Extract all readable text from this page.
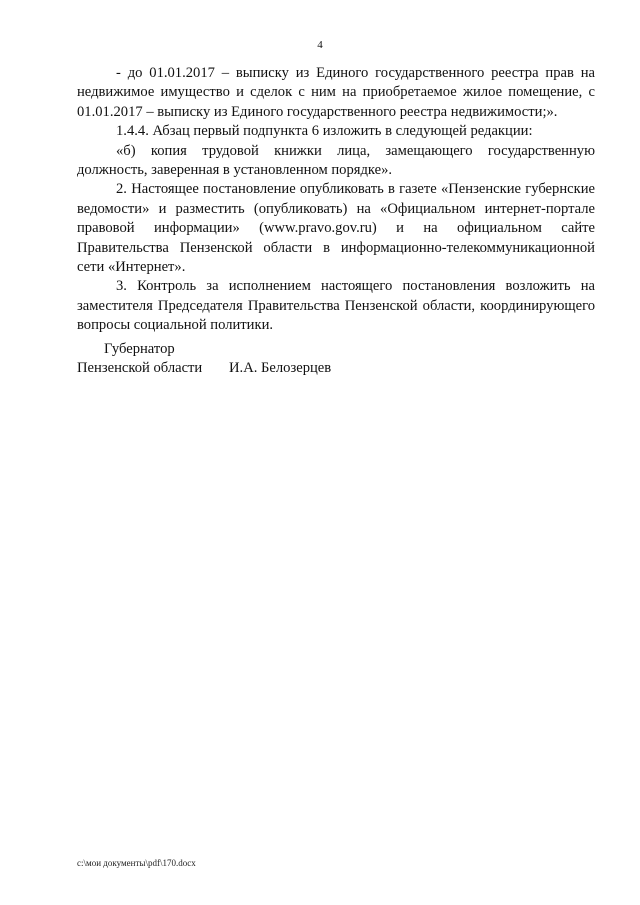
4

- до 01.01.2017 – выписку из Единого государственного реестра прав на недвижимое имущество и сделок с ним на приобретаемое жилое помещение, с 01.01.2017 – выписку из Единого государственного реестра недвижимости;».

1.4.4. Абзац первый подпункта 6 изложить в следующей редакции:

«б) копия трудовой книжки лица, замещающего государственную должность, заверенная в установленном порядке».

2. Настоящее постановление опубликовать в газете «Пензенские губернские ведомости» и разместить (опубликовать) на «Официальном интернет-портале правовой информации» (www.pravo.gov.ru) и на официальном сайте Правительства Пензенской области в информационно-телекоммуникационной сети «Интернет».

3. Контроль за исполнением настоящего постановления возложить на заместителя Председателя Правительства Пензенской области, координирующего вопросы социальной политики.

Губернатор
Пензенской области И.А. Белозерцев
c:\мои документы\pdf\170.docx
